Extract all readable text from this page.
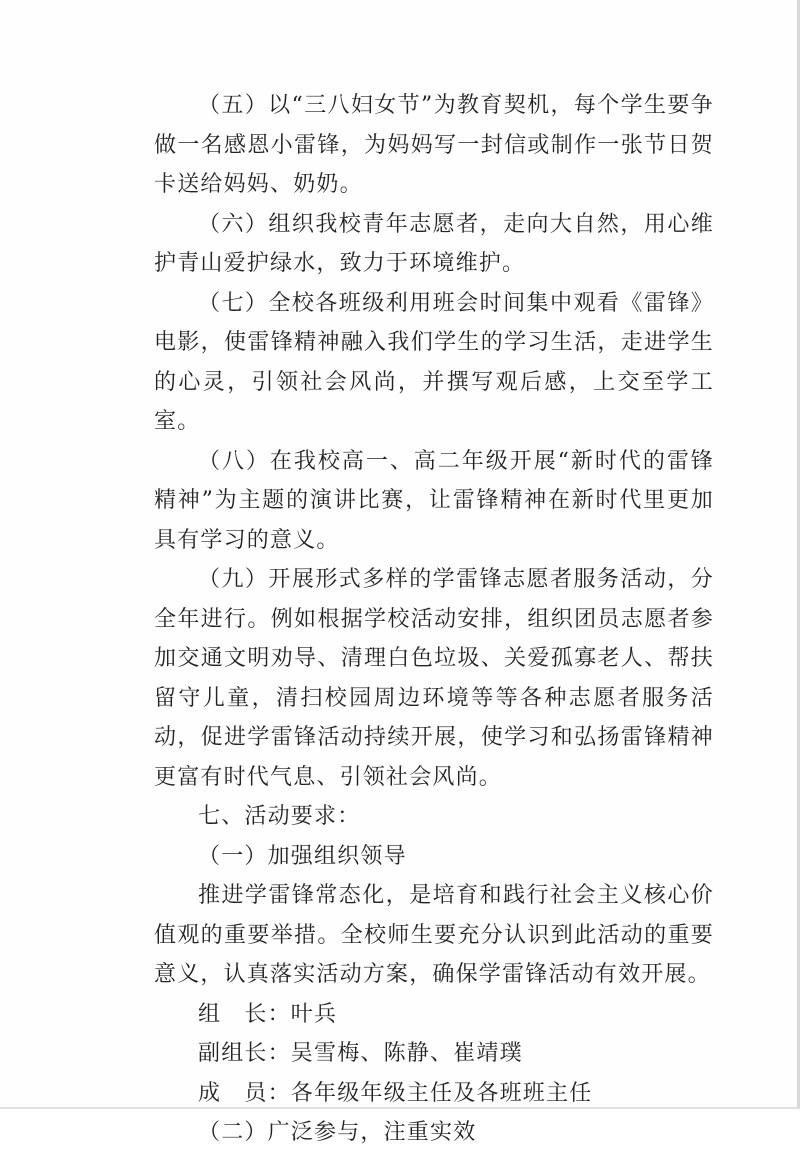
（五）以“三八妇女节”为教育契机，每个学生要争做一名感恩小雷锋，为妈妈写一封信或制作一张节日贺卡送给妈妈、奶奶。

（六）组织我校青年志愿者，走向大自然，用心维护青山爱护绿水，致力于环境维护。

（七）全校各班级利用班会时间集中观看《雷锋》电影，使雷锋精神融入我们学生的学习生活，走进学生的心灵，引领社会风尚，并撰写观后感，上交至学工室。

（八）在我校高一、高二年级开展“新时代的雷锋精神”为主题的演讲比赛，让雷锋精神在新时代里更加具有学习的意义。

（九）开展形式多样的学雷锋志愿者服务活动，分全年进行。例如根据学校活动安排，组织团员志愿者参加交通文明劝导、清理白色垃圾、关爱孤寡老人、帮扶留守儿童，清扫校园周边环境等等各种志愿者服务活动，促进学雷锋活动持续开展，使学习和弘扬雷锋精神更富有时代气息、引领社会风尚。

七、活动要求：

（一）加强组织领导

推进学雷锋常态化，是培育和践行社会主义核心价值观的重要举措。全校师生要充分认识到此活动的重要意义，认真落实活动方案，确保学雷锋活动有效开展。

组　长：叶兵

副组长：吴雪梅、陈静、崔靖璞

成　员：各年级年级主任及各班班主任

（二）广泛参与，注重实效
